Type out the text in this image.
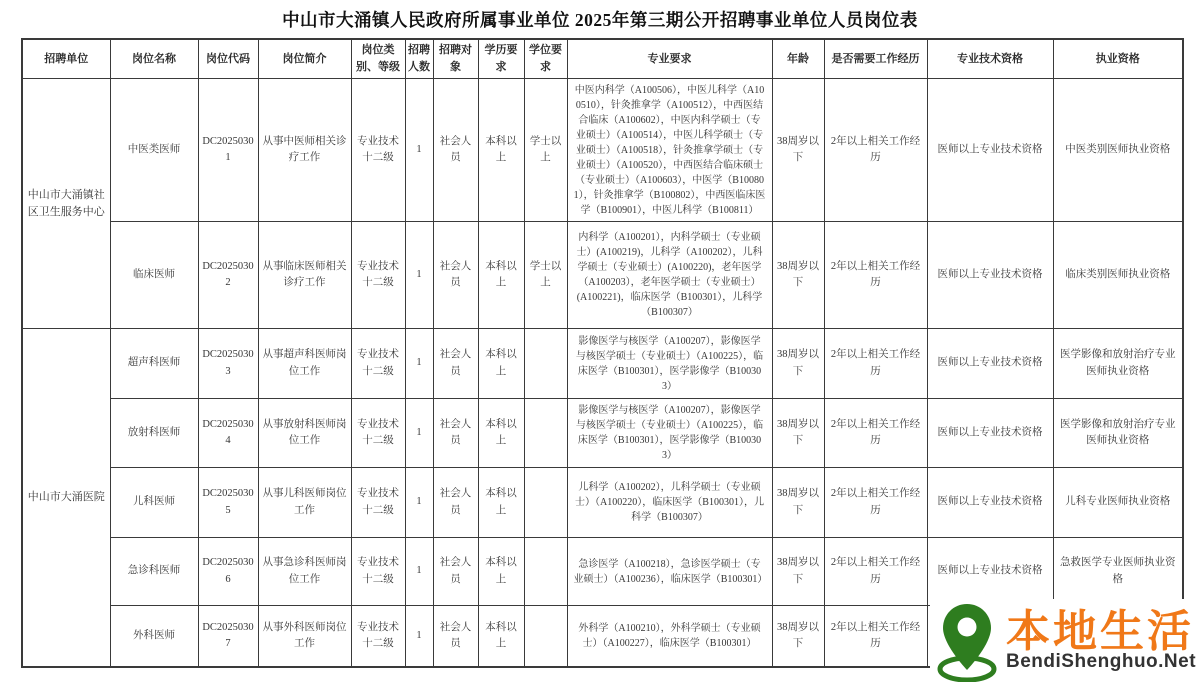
中山市大涌镇人民政府所属事业单位 2025年第三期公开招聘事业单位人员岗位表
招聘单位	岗位名称	岗位代码	岗位简介	岗位类别、等级	招聘人数	招聘对象	学历要求	学位要求	专业要求	年龄	是否需要工作经历	专业技术资格	执业资格
中山市大涌镇社区卫生服务中心	中医类医师	DC20250301	从事中医师相关诊疗工作	专业技术十二级	1	社会人员	本科以上	学士以上	中医内科学（A100506），中医儿科学（A100510），针灸推拿学（A100512），中西医结合临床（A100602），中医内科学硕士（专业硕士）（A100514），中医儿科学硕士（专业硕士）（A100518），针灸推拿学硕士（专业硕士）（A100520），中西医结合临床硕士（专业硕士）（A100603），中医学（B100801），针灸推拿学（B100802），中西医临床医学（B100901），中医儿科学（B100811）	38周岁以下	2年以上相关工作经历	医师以上专业技术资格	中医类别医师执业资格
	临床医师	DC20250302	从事临床医师相关诊疗工作	专业技术十二级	1	社会人员	本科以上	学士以上	内科学（A100201），内科学硕士（专业硕士）(A100219)，儿科学（A100202），儿科学硕士（专业硕士）(A100220)，老年医学（A100203），老年医学硕士（专业硕士）(A100221)，临床医学（B100301），儿科学（B100307）	38周岁以下	2年以上相关工作经历	医师以上专业技术资格	临床类别医师执业资格
中山市大涌医院	超声科医师	DC20250303	从事超声科医师岗位工作	专业技术十二级	1	社会人员	本科以上		影像医学与核医学（A100207），影像医学与核医学硕士（专业硕士）（A100225），临床医学（B100301），医学影像学（B100303）	38周岁以下	2年以上相关工作经历	医师以上专业技术资格	医学影像和放射治疗专业医师执业资格
	放射科医师	DC20250304	从事放射科医师岗位工作	专业技术十二级	1	社会人员	本科以上		影像医学与核医学（A100207），影像医学与核医学硕士（专业硕士）（A100225），临床医学（B100301），医学影像学（B100303）	38周岁以下	2年以上相关工作经历	医师以上专业技术资格	医学影像和放射治疗专业医师执业资格
	儿科医师	DC20250305	从事儿科医师岗位工作	专业技术十二级	1	社会人员	本科以上		儿科学（A100202），儿科学硕士（专业硕士）（A100220），临床医学（B100301），儿科学（B100307）	38周岁以下	2年以上相关工作经历	医师以上专业技术资格	儿科专业医师执业资格
	急诊科医师	DC20250306	从事急诊科医师岗位工作	专业技术十二级	1	社会人员	本科以上		急诊医学（A100218），急诊医学硕士（专业硕士）（A100236），临床医学（B100301）	38周岁以下	2年以上相关工作经历	医师以上专业技术资格	急救医学专业医师执业资格
	外科医师	DC20250307	从事外科医师岗位工作	专业技术十二级	1	社会人员	本科以上		外科学（A100210），外科学硕士（专业硕士）（A100227），临床医学（B100301）	38周岁以下	2年以上相关工作经历			本地生活
BendiShenghuo.Net
